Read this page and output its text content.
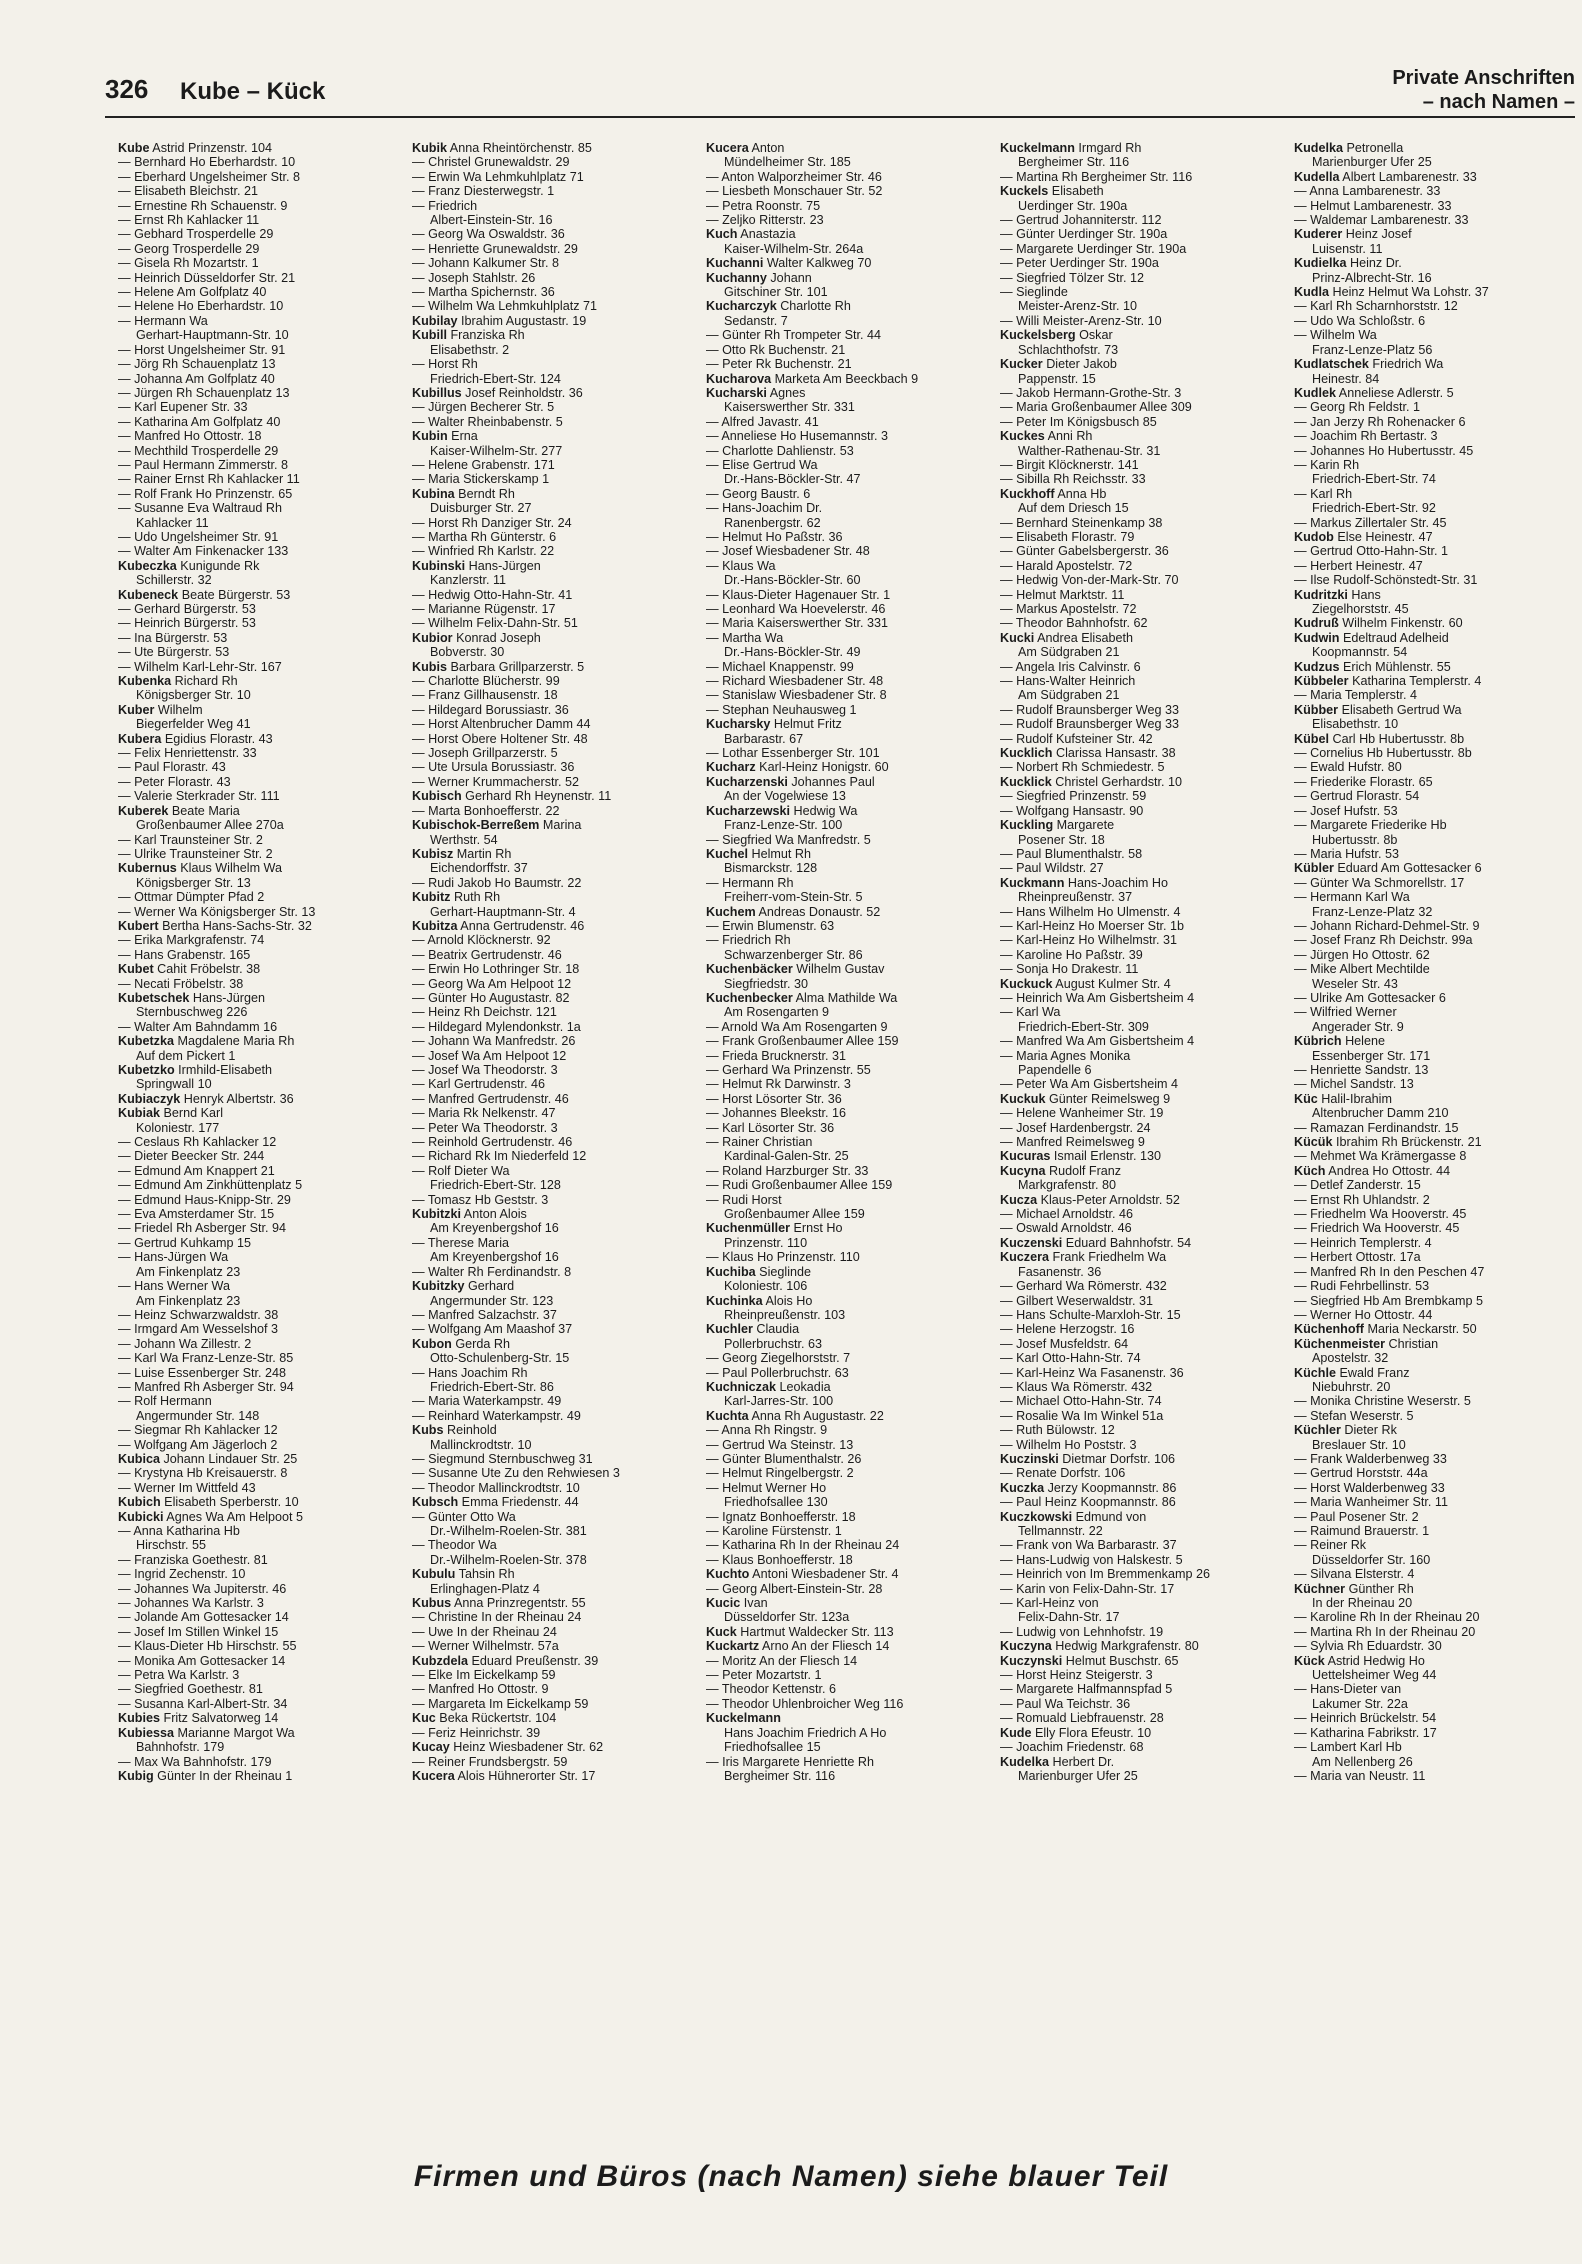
326 Kube – Kück	Private Anschriften
– nach Namen –
Kube Astrid Prinzenstr. 104
— Bernhard Ho Eberhardstr. 10
— Eberhard Ungelsheimer Str. 8
— Elisabeth Bleichstr. 21
— Ernestine Rh Schauenstr. 9
— Ernst Rh Kahlacker 11
— Gebhard Trosperdelle 29
— Georg Trosperdelle 29
— Gisela Rh Mozartstr. 1
— Heinrich Düsseldorfer Str. 21
— Helene Am Golfplatz 40
— Helene Ho Eberhardstr. 10
— Hermann Wa
Gerhart-Hauptmann-Str. 10
— Horst Ungelsheimer Str. 91
— Jörg Rh Schauenplatz 13
— Johanna Am Golfplatz 40
— Jürgen Rh Schauenplatz 13
— Karl Eupener Str. 33
— Katharina Am Golfplatz 40
— Manfred Ho Ottostr. 18
— Mechthild Trosperdelle 29
— Paul Hermann Zimmerstr. 8
— Rainer Ernst Rh Kahlacker 11
— Rolf Frank Ho Prinzenstr. 65
— Susanne Eva Waltraud Rh
Kahlacker 11
— Udo Ungelsheimer Str. 91
— Walter Am Finkenacker 133
Kubeczka Kunigunde Rk
Schillerstr. 32
Kubeneck Beate Bürgerstr. 53
— Gerhard Bürgerstr. 53
— Heinrich Bürgerstr. 53
— Ina Bürgerstr. 53
— Ute Bürgerstr. 53
— Wilhelm Karl-Lehr-Str. 167
Kubenka Richard Rh
Königsberger Str. 10
Kuber Wilhelm
Biegerfelder Weg 41
Kubera Egidius Florastr. 43
— Felix Henriettenstr. 33
— Paul Florastr. 43
— Peter Florastr. 43
— Valerie Sterkrader Str. 111
Kuberek Beate Maria
Großenbaumer Allee 270a
— Karl Traunsteiner Str. 2
— Ulrike Traunsteiner Str. 2
Kubernus Klaus Wilhelm Wa
Königsberger Str. 13
— Ottmar Dümpter Pfad 2
— Werner Wa Königsberger Str. 13
Kubert Bertha Hans-Sachs-Str. 32
— Erika Markgrafenstr. 74
— Hans Grabenstr. 165
Kubet Cahit Fröbelstr. 38
— Necati Fröbelstr. 38
Kubetschek Hans-Jürgen
Sternbuschweg 226
— Walter Am Bahndamm 16
Kubetzka Magdalene Maria Rh
Auf dem Pickert 1
Kubetzko Irmhild-Elisabeth
Springwall 10
Kubiaczyk Henryk Albertstr. 36
Kubiak Bernd Karl
Koloniestr. 177
— Ceslaus Rh Kahlacker 12
— Dieter Beecker Str. 244
— Edmund Am Knappert 21
— Edmund Am Zinkhüttenplatz 5
— Edmund Haus-Knipp-Str. 29
— Eva Amsterdamer Str. 15
— Friedel Rh Asberger Str. 94
— Gertrud Kuhkamp 15
— Hans-Jürgen Wa
Am Finkenplatz 23
— Hans Werner Wa
Am Finkenplatz 23
— Heinz Schwarzwaldstr. 38
— Irmgard Am Wesselshof 3
— Johann Wa Zillestr. 2
— Karl Wa Franz-Lenze-Str. 85
— Luise Essenberger Str. 248
— Manfred Rh Asberger Str. 94
— Rolf Hermann
Angermunder Str. 148
— Siegmar Rh Kahlacker 12
— Wolfgang Am Jägerloch 2
Kubica Johann Lindauer Str. 25
— Krystyna Hb Kreisauerstr. 8
— Werner Im Wittfeld 43
Kubich Elisabeth Sperberstr. 10
Kubicki Agnes Wa Am Helpoot 5
— Anna Katharina Hb
Hirschstr. 55
— Franziska Goethestr. 81
— Ingrid Zechenstr. 10
— Johannes Wa Jupiterstr. 46
— Johannes Wa Karlstr. 3
— Jolande Am Gottesacker 14
— Josef Im Stillen Winkel 15
— Klaus-Dieter Hb Hirschstr. 55
— Monika Am Gottesacker 14
— Petra Wa Karlstr. 3
— Siegfried Goethestr. 81
— Susanna Karl-Albert-Str. 34
Kubies Fritz Salvatorweg 14
Kubiessa Marianne Margot Wa
Bahnhofstr. 179
— Max Wa Bahnhofstr. 179
Kubig Günter In der Rheinau 1
Kubik Anna Rheintörchenstr. 85
— Christel Grunewaldstr. 29
— Erwin Wa Lehmkuhlplatz 71
— Franz Diesterwegstr. 1
— Friedrich
Albert-Einstein-Str. 16
— Georg Wa Oswaldstr. 36
— Henriette Grunewaldstr. 29
— Johann Kalkumer Str. 8
— Joseph Stahlstr. 26
— Martha Spichernstr. 36
— Wilhelm Wa Lehmkuhlplatz 71
Kubilay Ibrahim Augustastr. 19
Kubill Franziska Rh
Elisabethstr. 2
— Horst Rh
Friedrich-Ebert-Str. 124
Kubillus Josef Reinholdstr. 36
— Jürgen Becherer Str. 5
— Walter Rheinbabenstr. 5
Kubin Erna
Kaiser-Wilhelm-Str. 277
— Helene Grabenstr. 171
— Maria Stickerskamp 1
Kubina Berndt Rh
Duisburger Str. 27
— Horst Rh Danziger Str. 24
— Martha Rh Günterstr. 6
— Winfried Rh Karlstr. 22
Kubinski Hans-Jürgen
Kanzlerstr. 11
— Hedwig Otto-Hahn-Str. 41
— Marianne Rügenstr. 17
— Wilhelm Felix-Dahn-Str. 51
Kubior Konrad Joseph
Bobverstr. 30
Kubis Barbara Grillparzerstr. 5
— Charlotte Blücherstr. 99
— Franz Gillhausenstr. 18
— Hildegard Borussiastr. 36
— Horst Altenbrucher Damm 44
— Horst Obere Holtener Str. 48
— Joseph Grillparzerstr. 5
— Ute Ursula Borussiastr. 36
— Werner Krummacherstr. 52
Kubisch Gerhard Rh Heynenstr. 11
— Marta Bonhoefferstr. 22
Kubischok-Berreßem Marina
Werthstr. 54
Kubisz Martin Rh
Eichendorffstr. 37
— Rudi Jakob Ho Baumstr. 22
Kubitz Ruth Rh
Gerhart-Hauptmann-Str. 4
Kubitza Anna Gertrudenstr. 46
— Arnold Klöcknerstr. 92
— Beatrix Gertrudenstr. 46
— Erwin Ho Lothringer Str. 18
— Georg Wa Am Helpoot 12
— Günter Ho Augustastr. 82
— Heinz Rh Deichstr. 121
— Hildegard Mylendonkstr. 1a
— Johann Wa Manfredstr. 26
— Josef Wa Am Helpoot 12
— Josef Wa Theodorstr. 3
— Karl Gertrudenstr. 46
— Manfred Gertrudenstr. 46
— Maria Rk Nelkenstr. 47
— Peter Wa Theodorstr. 3
— Reinhold Gertrudenstr. 46
— Richard Rk Im Niederfeld 12
— Rolf Dieter Wa
Friedrich-Ebert-Str. 128
— Tomasz Hb Geststr. 3
Kubitzki Anton Alois
Am Kreyenbergshof 16
— Therese Maria
Am Kreyenbergshof 16
— Walter Rh Ferdinandstr. 8
Kubitzky Gerhard
Angermunder Str. 123
— Manfred Salzachstr. 37
— Wolfgang Am Maashof 37
Kubon Gerda Rh
Otto-Schulenberg-Str. 15
— Hans Joachim Rh
Friedrich-Ebert-Str. 86
— Maria Waterkampstr. 49
— Reinhard Waterkampstr. 49
Kubs Reinhold
Mallinckrodtstr. 10
— Siegmund Sternbuschweg 31
— Susanne Ute Zu den Rehwiesen 3
— Theodor Mallinckrodtstr. 10
Kubsch Emma Friedenstr. 44
— Günter Otto Wa
Dr.-Wilhelm-Roelen-Str. 381
— Theodor Wa
Dr.-Wilhelm-Roelen-Str. 378
Kubulu Tahsin Rh
Erlinghagen-Platz 4
Kubus Anna Prinzregentstr. 55
— Christine In der Rheinau 24
— Uwe In der Rheinau 24
— Werner Wilhelmstr. 57a
Kubzdela Eduard Preußenstr. 39
— Elke Im Eickelkamp 59
— Manfred Ho Ottostr. 9
— Margareta Im Eickelkamp 59
Kuc Beka Rückertstr. 104
— Feriz Heinrichstr. 39
Kucay Heinz Wiesbadener Str. 62
— Reiner Frundsbergstr. 59
Kucera Alois Hühnerorter Str. 17
Kucera Anton
Mündelheimer Str. 185
— Anton Walporzheimer Str. 46
— Liesbeth Monschauer Str. 52
— Petra Roonstr. 75
— Zeljko Ritterstr. 23
Kuch Anastazia
Kaiser-Wilhelm-Str. 264a
Kuchanni Walter Kalkweg 70
Kuchanny Johann
Gitschiner Str. 101
Kucharczyk Charlotte Rh
Sedanstr. 7
— Günter Rh Trompeter Str. 44
— Otto Rk Buchenstr. 21
— Peter Rk Buchenstr. 21
Kucharova Marketa Am Beeckbach 9
Kucharski Agnes
Kaiserswerther Str. 331
— Alfred Javastr. 41
— Anneliese Ho Husemannstr. 3
— Charlotte Dahlienstr. 53
— Elise Gertrud Wa
Dr.-Hans-Böckler-Str. 47
— Georg Baustr. 6
— Hans-Joachim Dr.
Ranenbergstr. 62
— Helmut Ho Paßstr. 36
— Josef Wiesbadener Str. 48
— Klaus Wa
Dr.-Hans-Böckler-Str. 60
— Klaus-Dieter Hagenauer Str. 1
— Leonhard Wa Hoevelerstr. 46
— Maria Kaiserswerther Str. 331
— Martha Wa
Dr.-Hans-Böckler-Str. 49
— Michael Knappenstr. 99
— Richard Wiesbadener Str. 48
— Stanislaw Wiesbadener Str. 8
— Stephan Neuhausweg 1
Kucharsky Helmut Fritz
Barbarastr. 67
— Lothar Essenberger Str. 101
Kucharz Karl-Heinz Honigstr. 60
Kucharzenski Johannes Paul
An der Vogelwiese 13
Kucharzewski Hedwig Wa
Franz-Lenze-Str. 100
— Siegfried Wa Manfredstr. 5
Kuchel Helmut Rh
Bismarckstr. 128
— Hermann Rh
Freiherr-vom-Stein-Str. 5
Kuchem Andreas Donaustr. 52
— Erwin Blumenstr. 63
— Friedrich Rh
Schwarzenberger Str. 86
Kuchenbäcker Wilhelm Gustav
Siegfriedstr. 30
Kuchenbecker Alma Mathilde Wa
Am Rosengarten 9
— Arnold Wa Am Rosengarten 9
— Frank Großenbaumer Allee 159
— Frieda Brucknerstr. 31
— Gerhard Wa Prinzenstr. 55
— Helmut Rk Darwinstr. 3
— Horst Lösorter Str. 36
— Johannes Bleekstr. 16
— Karl Lösorter Str. 36
— Rainer Christian
Kardinal-Galen-Str. 25
— Roland Harzburger Str. 33
— Rudi Großenbaumer Allee 159
— Rudi Horst
Großenbaumer Allee 159
Kuchenmüller Ernst Ho
Prinzenstr. 110
— Klaus Ho Prinzenstr. 110
Kuchiba Sieglinde
Koloniestr. 106
Kuchinka Alois Ho
Rheinpreußenstr. 103
Kuchler Claudia
Pollerbruchstr. 63
— Georg Ziegelhorststr. 7
— Paul Pollerbruchstr. 63
Kuchniczak Leokadia
Karl-Jarres-Str. 100
Kuchta Anna Rh Augustastr. 22
— Anna Rh Ringstr. 9
— Gertrud Wa Steinstr. 13
— Günter Blumenthalstr. 26
— Helmut Ringelbergstr. 2
— Helmut Werner Ho
Friedhofsallee 130
— Ignatz Bonhoefferstr. 18
— Karoline Fürstenstr. 1
— Katharina Rh In der Rheinau 24
— Klaus Bonhoefferstr. 18
Kuchto Antoni Wiesbadener Str. 4
— Georg Albert-Einstein-Str. 28
Kucic Ivan
Düsseldorfer Str. 123a
Kuck Hartmut Waldecker Str. 113
Kuckartz Arno An der Fliesch 14
— Moritz An der Fliesch 14
— Peter Mozartstr. 1
— Theodor Kettenstr. 6
— Theodor Uhlenbroicher Weg 116
Kuckelmann
Hans Joachim Friedrich A Ho
Friedhofsallee 15
— Iris Margarete Henriette Rh
Bergheimer Str. 116
Kuckelmann Irmgard Rh
Bergheimer Str. 116
— Martina Rh Bergheimer Str. 116
Kuckels Elisabeth
Uerdinger Str. 190a
— Gertrud Johanniterstr. 112
— Günter Uerdinger Str. 190a
— Margarete Uerdinger Str. 190a
— Peter Uerdinger Str. 190a
— Siegfried Tölzer Str. 12
— Sieglinde
Meister-Arenz-Str. 10
— Willi Meister-Arenz-Str. 10
Kuckelsberg Oskar
Schlachthofstr. 73
Kucker Dieter Jakob
Pappenstr. 15
— Jakob Hermann-Grothe-Str. 3
— Maria Großenbaumer Allee 309
— Peter Im Königsbusch 85
Kuckes Anni Rh
Walther-Rathenau-Str. 31
— Birgit Klöcknerstr. 141
— Sibilla Rh Reichsstr. 33
Kuckhoff Anna Hb
Auf dem Driesch 15
— Bernhard Steinenkamp 38
— Elisabeth Florastr. 79
— Günter Gabelsbergerstr. 36
— Harald Apostelstr. 72
— Hedwig Von-der-Mark-Str. 70
— Helmut Marktstr. 11
— Markus Apostelstr. 72
— Theodor Bahnhofstr. 62
Kucki Andrea Elisabeth
Am Südgraben 21
— Angela Iris Calvinstr. 6
— Hans-Walter Heinrich
Am Südgraben 21
— Rudolf Braunsberger Weg 33
— Rudolf Braunsberger Weg 33
— Rudolf Kufsteiner Str. 42
Kucklich Clarissa Hansastr. 38
— Norbert Rh Schmiedestr. 5
Kucklick Christel Gerhardstr. 10
— Siegfried Prinzenstr. 59
— Wolfgang Hansastr. 90
Kuckling Margarete
Posener Str. 18
— Paul Blumenthalstr. 58
— Paul Wildstr. 27
Kuckmann Hans-Joachim Ho
Rheinpreußenstr. 37
— Hans Wilhelm Ho Ulmenstr. 4
— Karl-Heinz Ho Moerser Str. 1b
— Karl-Heinz Ho Wilhelmstr. 31
— Karoline Ho Paßstr. 39
— Sonja Ho Drakestr. 11
Kuckuck August Kulmer Str. 4
— Heinrich Wa Am Gisbertsheim 4
— Karl Wa
Friedrich-Ebert-Str. 309
— Manfred Wa Am Gisbertsheim 4
— Maria Agnes Monika
Papendelle 6
— Peter Wa Am Gisbertsheim 4
Kuckuk Günter Reimelsweg 9
— Helene Wanheimer Str. 19
— Josef Hardenbergstr. 24
— Manfred Reimelsweg 9
Kucuras Ismail Erlenstr. 130
Kucyna Rudolf Franz
Markgrafenstr. 80
Kucza Klaus-Peter Arnoldstr. 52
— Michael Arnoldstr. 46
— Oswald Arnoldstr. 46
Kuczenski Eduard Bahnhofstr. 54
Kuczera Frank Friedhelm Wa
Fasanenstr. 36
— Gerhard Wa Römerstr. 432
— Gilbert Weserwaldstr. 31
— Hans Schulte-Marxloh-Str. 15
— Helene Herzogstr. 16
— Josef Musfeldstr. 64
— Karl Otto-Hahn-Str. 74
— Karl-Heinz Wa Fasanenstr. 36
— Klaus Wa Römerstr. 432
— Michael Otto-Hahn-Str. 74
— Rosalie Wa Im Winkel 51a
— Ruth Bülowstr. 12
— Wilhelm Ho Poststr. 3
Kuczinski Dietmar Dorfstr. 106
— Renate Dorfstr. 106
Kuczka Jerzy Koopmannstr. 86
— Paul Heinz Koopmannstr. 86
Kuczkowski Edmund von
Tellmannstr. 22
— Frank von Wa Barbarastr. 37
— Hans-Ludwig von Halskestr. 5
— Heinrich von Im Bremmenkamp 26
— Karin von Felix-Dahn-Str. 17
— Karl-Heinz von
Felix-Dahn-Str. 17
— Ludwig von Lehnhofstr. 19
Kuczyna Hedwig Markgrafenstr. 80
Kuczynski Helmut Buschstr. 65
— Horst Heinz Steigerstr. 3
— Margarete Halfmannspfad 5
— Paul Wa Teichstr. 36
— Romuald Liebfrauenstr. 28
Kude Elly Flora Efeustr. 10
— Joachim Friedenstr. 68
Kudelka Herbert Dr.
Marienburger Ufer 25
Kudelka Petronella
Marienburger Ufer 25
Kudella Albert Lambarenestr. 33
— Anna Lambarenestr. 33
— Helmut Lambarenestr. 33
— Waldemar Lambarenestr. 33
Kuderer Heinz Josef
Luisenstr. 11
Kudielka Heinz Dr.
Prinz-Albrecht-Str. 16
Kudla Heinz Helmut Wa Lohstr. 37
— Karl Rh Scharnhorststr. 12
— Udo Wa Schloßstr. 6
— Wilhelm Wa
Franz-Lenze-Platz 56
Kudlatschek Friedrich Wa
Heinestr. 84
Kudlek Anneliese Adlerstr. 5
— Georg Rh Feldstr. 1
— Jan Jerzy Rh Rohenacker 6
— Joachim Rh Bertastr. 3
— Johannes Ho Hubertusstr. 45
— Karin Rh
Friedrich-Ebert-Str. 74
— Karl Rh
Friedrich-Ebert-Str. 92
— Markus Zillertaler Str. 45
Kudob Else Heinestr. 47
— Gertrud Otto-Hahn-Str. 1
— Herbert Heinestr. 47
— Ilse Rudolf-Schönstedt-Str. 31
Kudritzki Hans
Ziegelhorststr. 45
Kudruß Wilhelm Finkenstr. 60
Kudwin Edeltraud Adelheid
Koopmannstr. 54
Kudzus Erich Mühlenstr. 55
Kübbeler Katharina Templerstr. 4
— Maria Templerstr. 4
Kübber Elisabeth Gertrud Wa
Elisabethstr. 10
Kübel Carl Hb Hubertusstr. 8b
— Cornelius Hb Hubertusstr. 8b
— Ewald Hufstr. 80
— Friederike Florastr. 65
— Gertrud Florastr. 54
— Josef Hufstr. 53
— Margarete Friederike Hb
Hubertusstr. 8b
— Maria Hufstr. 53
Kübler Eduard Am Gottesacker 6
— Günter Wa Schmorellstr. 17
— Hermann Karl Wa
Franz-Lenze-Platz 32
— Johann Richard-Dehmel-Str. 9
— Josef Franz Rh Deichstr. 99a
— Jürgen Ho Ottostr. 62
— Mike Albert Mechtilde
Weseler Str. 43
— Ulrike Am Gottesacker 6
— Wilfried Werner
Angerader Str. 9
Kübrich Helene
Essenberger Str. 171
— Henriette Sandstr. 13
— Michel Sandstr. 13
Küc Halil-Ibrahim
Altenbrucher Damm 210
— Ramazan Ferdinandstr. 15
Kücük Ibrahim Rh Brückenstr. 21
— Mehmet Wa Krämergasse 8
Küch Andrea Ho Ottostr. 44
— Detlef Zanderstr. 15
— Ernst Rh Uhlandstr. 2
— Friedhelm Wa Hooverstr. 45
— Friedrich Wa Hooverstr. 45
— Heinrich Templerstr. 4
— Herbert Ottostr. 17a
— Manfred Rh In den Peschen 47
— Rudi Fehrbellinstr. 53
— Siegfried Hb Am Brembkamp 5
— Werner Ho Ottostr. 44
Küchenhoff Maria Neckarstr. 50
Küchenmeister Christian
Apostelstr. 32
Küchle Ewald Franz
Niebuhrstr. 20
— Monika Christine Weserstr. 5
— Stefan Weserstr. 5
Küchler Dieter Rk
Breslauer Str. 10
— Frank Walderbenweg 33
— Gertrud Horststr. 44a
— Horst Walderbenweg 33
— Maria Wanheimer Str. 11
— Paul Posener Str. 2
— Raimund Brauerstr. 1
— Reiner Rk
Düsseldorfer Str. 160
— Silvana Elsterstr. 4
Küchner Günther Rh
In der Rheinau 20
— Karoline Rh In der Rheinau 20
— Martina Rh In der Rheinau 20
— Sylvia Rh Eduardstr. 30
Kück Astrid Hedwig Ho
Uettelsheimer Weg 44
— Hans-Dieter van
Lakumer Str. 22a
— Heinrich Brückelstr. 54
— Katharina Fabrikstr. 17
— Lambert Karl Hb
Am Nellenberg 26
— Maria van Neustr. 11
Firmen und Büros (nach Namen) siehe blauer Teil
